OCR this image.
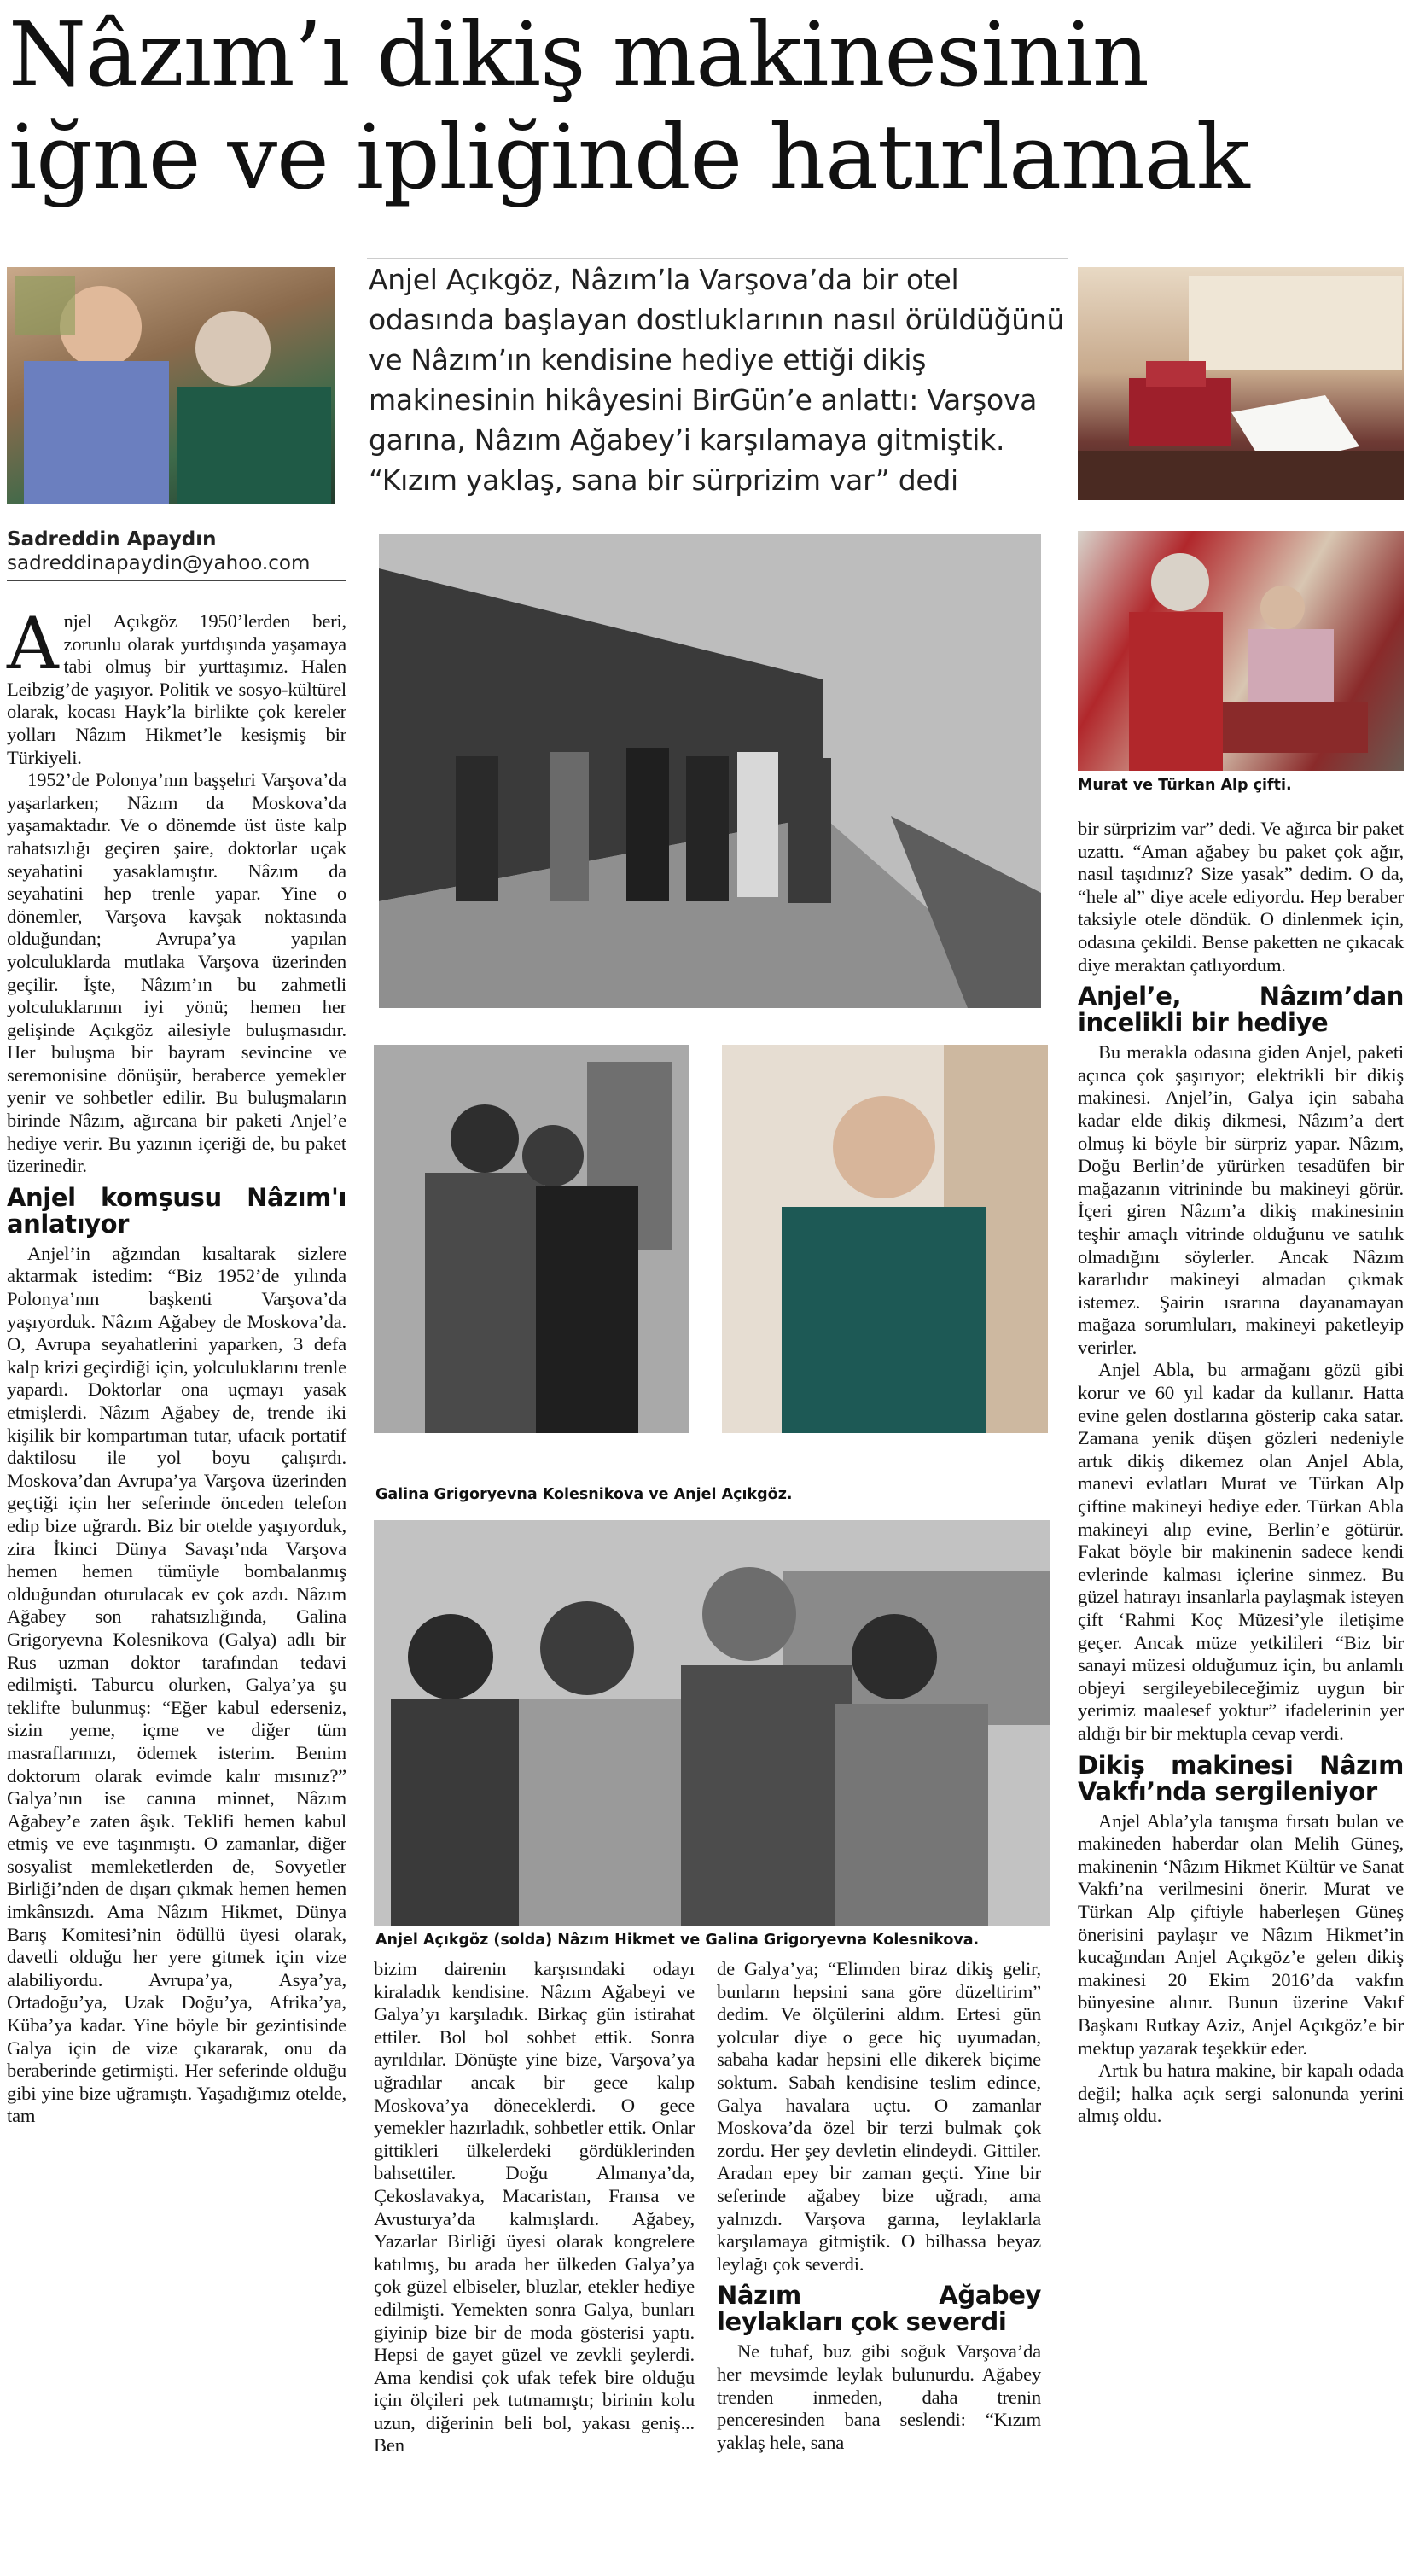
Nâzım’ı dikiş makinesinin
iğne ve ipliğinde hatırlamak
Anjel Açıkgöz, Nâzım’la Varşova’da bir otel odasında başlayan dostluklarının nasıl örüldüğünü ve Nâzım’ın kendisine hediye ettiği dikiş makinesinin hikâyesini BirGün’e anlattı: Varşova garına, Nâzım Ağabey’i karşılamaya gitmiştik. “Kızım yaklaş, sana bir sürprizim var” dedi
Sadreddin Apaydın
sadreddinapaydin@yahoo.com
Murat ve Türkan Alp çifti.
Galina Grigoryevna Kolesnikova ve Anjel Açıkgöz.
Anjel Açıkgöz (solda) Nâzım Hikmet ve Galina Grigoryevna Kolesnikova.

Anjel Açıkgöz 1950’lerden beri, zorunlu olarak yurtdışında yaşamaya tabi olmuş bir yurttaşımız. Halen Leibzig’de yaşıyor. Politik ve sosyo-kültürel olarak, kocası Hayk’la birlikte çok kereler yolları Nâzım Hikmet’le kesişmiş bir Türkiyeli.

1952’de Polonya’nın başşehri Varşova’da yaşarlarken; Nâzım da Moskova’da yaşamaktadır. Ve o dönemde üst üste kalp rahatsızlığı geçiren şaire, doktorlar uçak seyahatini yasaklamıştır. Nâzım da seyahatini hep trenle yapar. Yine o dönemler, Varşova kavşak noktasında olduğundan; Avrupa’ya yapılan yolculuklarda mutlaka Varşova üzerinden geçilir. İşte, Nâzım’ın bu zahmetli yolculuklarının iyi yönü; hemen her gelişinde Açıkgöz ailesiyle buluşmasıdır. Her buluşma bir bayram sevincine ve seremonisine dönüşür, beraberce yemekler yenir ve sohbetler edilir. Bu buluşmaların birinde Nâzım, ağırcana bir paketi Anjel’e hediye verir. Bu yazının içeriği de, bu paket üzerinedir.

Anjel komşusu Nâzım'ı anlatıyor

Anjel’in ağzından kısaltarak sizlere aktarmak istedim: “Biz 1952’de yılında Polonya’nın başkenti Varşova’da yaşıyorduk. Nâzım Ağabey de Moskova’da. O, Avrupa seyahatlerini yaparken, 3 defa kalp krizi geçirdiği için, yolculuklarını trenle yapardı. Doktorlar ona uçmayı yasak etmişlerdi. Nâzım Ağabey de, trende iki kişilik bir kompartıman tutar, ufacık portatif daktilosu ile yol boyu çalışırdı. Moskova’dan Avrupa’ya Varşova üzerinden geçtiği için her seferinde önceden telefon edip bize uğrardı. Biz bir otelde yaşıyorduk, zira İkinci Dünya Savaşı’nda Varşova hemen hemen tümüyle bombalanmış olduğundan oturulacak ev çok azdı. Nâzım Ağabey son rahatsızlığında, Galina Grigoryevna Kolesnikova (Galya) adlı bir Rus uzman doktor tarafından tedavi edilmişti. Taburcu olurken, Galya’ya şu teklifte bulunmuş: “Eğer kabul ederseniz, sizin yeme, içme ve diğer tüm masraflarınızı, ödemek isterim. Benim doktorum olarak evimde kalır mısınız?” Galya’nın ise canına minnet, Nâzım Ağabey’e zaten âşık. Teklifi hemen kabul etmiş ve eve taşınmıştı. O zamanlar, diğer sosyalist memleketlerden de, Sovyetler Birliği’nden de dışarı çıkmak hemen hemen imkânsızdı. Ama Nâzım Hikmet, Dünya Barış Komitesi’nin ödüllü üyesi olarak, davetli olduğu her yere gitmek için vize alabiliyordu. Avrupa’ya, Asya’ya, Ortadoğu’ya, Uzak Doğu’ya, Afrika’ya, Küba’ya kadar. Yine böyle bir gezintisinde Galya için de vize çıkararak, onu da beraberinde getirmişti. Her seferinde olduğu gibi yine bize uğramıştı. Yaşadığımız otelde, tam

bizim dairenin karşısındaki odayı kiraladık kendisine. Nâzım Ağabeyi ve Galya’yı karşıladık. Birkaç gün istirahat ettiler. Bol bol sohbet ettik. Sonra ayrıldılar. Dönüşte yine bize, Varşova’ya uğradılar ancak bir gece kalıp Moskova’ya döneceklerdi. O gece yemekler hazırladık, sohbetler ettik. Onlar gittikleri ülkelerdeki gördüklerinden bahsettiler. Doğu Almanya’da, Çekoslavakya, Macaristan, Fransa ve Avusturya’da kalmışlardı. Ağabey, Yazarlar Birliği üyesi olarak kongrelere katılmış, bu arada her ülkeden Galya’ya çok güzel elbiseler, bluzlar, etekler hediye edilmişti. Yemekten sonra Galya, bunları giyinip bize bir de moda gösterisi yaptı. Hepsi de gayet güzel ve zevkli şeylerdi. Ama kendisi çok ufak tefek bire olduğu için ölçileri pek tutmamıştı; birinin kolu uzun, diğerinin beli bol, yakası geniş... Ben

de Galya’ya; “Elimden biraz dikiş gelir, bunların hepsini sana göre düzeltirim” dedim. Ve ölçülerini aldım. Ertesi gün yolcular diye o gece hiç uyumadan, sabaha kadar hepsini elle dikerek biçime soktum. Sabah kendisine teslim edince, Galya havalara uçtu. O zamanlar Moskova’da özel bir terzi bulmak çok zordu. Her şey devletin elindeydi. Gittiler. Aradan epey bir zaman geçti. Yine bir seferinde ağabey bize uğradı, ama yalnızdı. Varşova garına, leylaklarla karşılamaya gitmiştik. O bilhassa beyaz leylağı çok severdi.

Nâzım Ağabey leylakları çok severdi

Ne tuhaf, buz gibi soğuk Varşova’da her mevsimde leylak bulunurdu. Ağabey trenden inmeden, daha trenin penceresinden bana seslendi: “Kızım yaklaş hele, sana

bir sürprizim var” dedi. Ve ağırca bir paket uzattı. “Aman ağabey bu paket çok ağır, nasıl taşıdınız? Size yasak” dedim. O da, “hele al” diye acele ediyordu. Hep beraber taksiyle otele döndük. O dinlenmek için, odasına çekildi. Bense paketten ne çıkacak diye meraktan çatlıyordum.

Anjel’e, Nâzım’dan incelikli bir hediye

Bu merakla odasına giden Anjel, paketi açınca çok şaşırıyor; elektrikli bir dikiş makinesi. Anjel’in, Galya için sabaha kadar elde dikiş dikmesi, Nâzım’a dert olmuş ki böyle bir sürpriz yapar. Nâzım, Doğu Berlin’de yürürken tesadüfen bir mağazanın vitrininde bu makineyi görür. İçeri giren Nâzım’a dikiş makinesinin teşhir amaçlı vitrinde olduğunu ve satılık olmadığını söylerler. Ancak Nâzım kararlıdır makineyi almadan çıkmak istemez. Şairin ısrarına dayanamayan mağaza sorumluları, makineyi paketleyip verirler.

Anjel Abla, bu armağanı gözü gibi korur ve 60 yıl kadar da kullanır. Hatta evine gelen dostlarına gösterip caka satar. Zamana yenik düşen gözleri nedeniyle artık dikiş dikemez olan Anjel Abla, manevi evlatları Murat ve Türkan Alp çiftine makineyi hediye eder. Türkan Abla makineyi alıp evine, Berlin’e götürür. Fakat böyle bir makinenin sadece kendi evlerinde kalması içlerine sinmez. Bu güzel hatırayı insanlarla paylaşmak isteyen çift ‘Rahmi Koç Müzesi’yle iletişime geçer. Ancak müze yetkilileri “Biz bir sanayi müzesi olduğumuz için, bu anlamlı objeyi sergileyebileceğimiz uygun bir yerimiz maalesef yoktur” ifadelerinin yer aldığı bir bir mektupla cevap verdi.

Dikiş makinesi Nâzım Vakfı’nda sergileniyor

Anjel Abla’yla tanışma fırsatı bulan ve makineden haberdar olan Melih Güneş, makinenin ‘Nâzım Hikmet Kültür ve Sanat Vakfı’na verilmesini önerir. Murat ve Türkan Alp çiftiyle haberleşen Güneş önerisini paylaşır ve Nâzım Hikmet’in kucağından Anjel Açıkgöz’e gelen dikiş makinesi 20 Ekim 2016’da vakfın bünyesine alınır. Bunun üzerine Vakıf Başkanı Rutkay Aziz, Anjel Açıkgöz’e bir mektup yazarak teşekkür eder.

Artık bu hatıra makine, bir kapalı odada değil; halka açık sergi salonunda yerini almış oldu.
